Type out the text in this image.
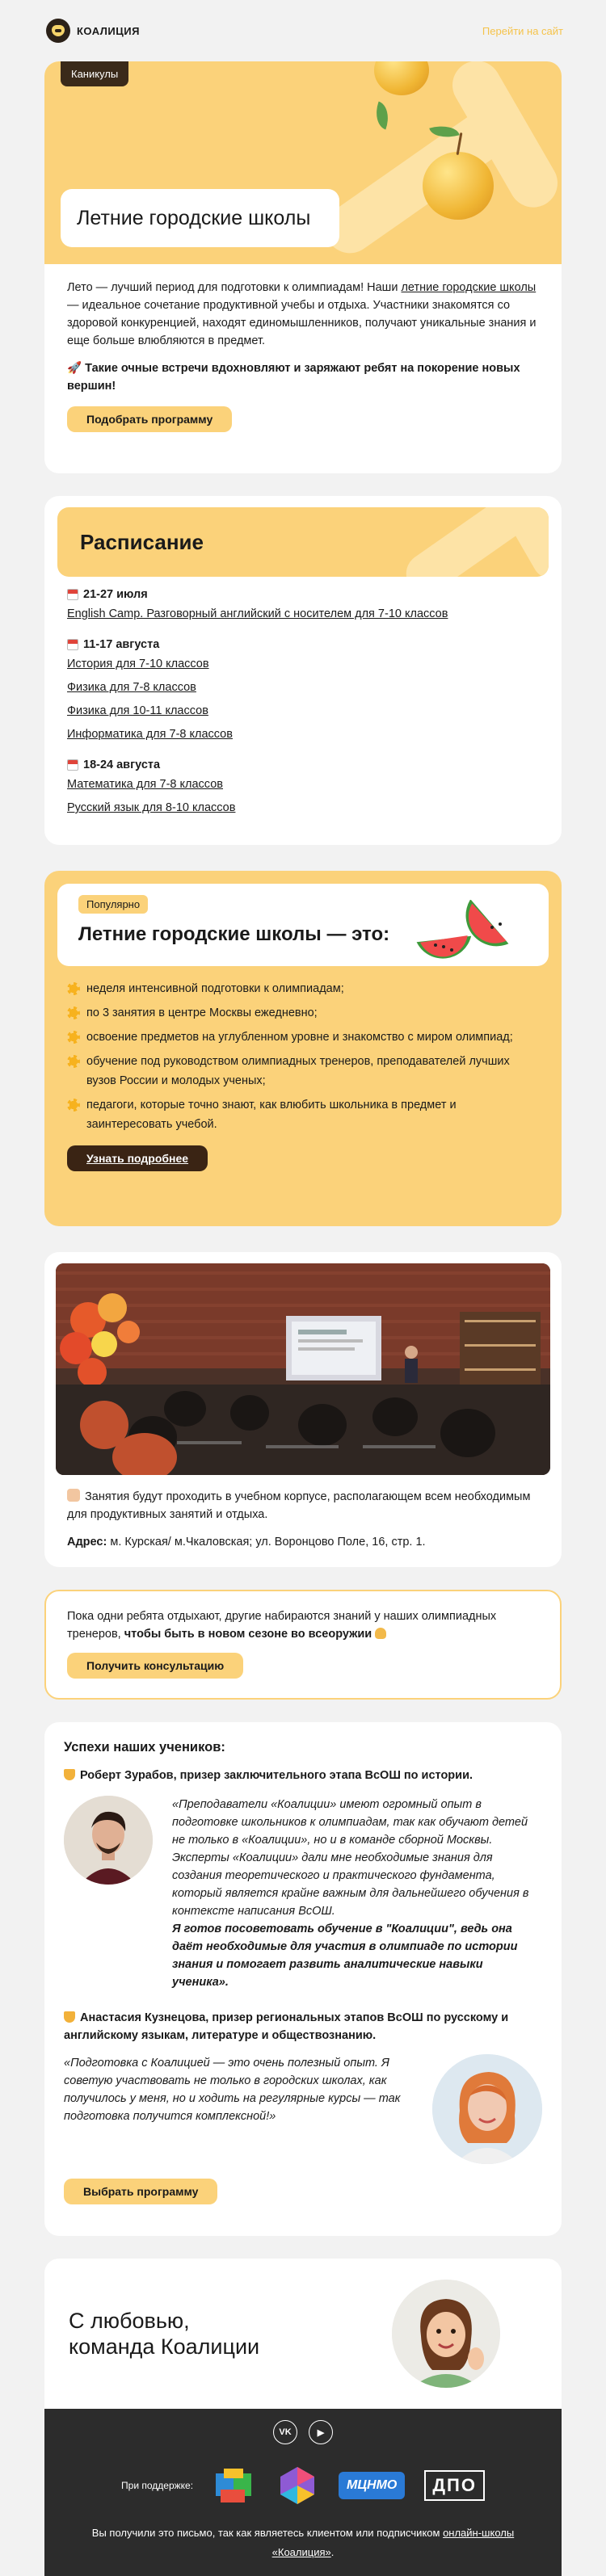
КОАЛИЦИЯ	Перейти на сайт
Каникулы
Летние городские школы

Лето — лучший период для подготовки к олимпиадам! Наши летние городские школы — идеальное сочетание продуктивной учебы и отдыха. Участники знакомятся со здоровой конкуренцией, находят единомышленников, получают уникальные знания и еще больше влюбляются в предмет.

🚀 Такие очные встречи вдохновляют и заряжают ребят на покорение новых вершин!

Подобрать программу
Расписание
21-27 июля
English Camp. Разговорный английский с носителем для 7-10 классов
11-17 августа
История для 7-10 классов
Физика для 7-8 классов
Физика для 10-11 классов
Информатика для 7-8 классов
18-24 августа
Математика для 7-8 классов
Русский язык для 8-10 классов
Популярно
Летние городские школы — это:
неделя интенсивной подготовки к олимпиадам;
по 3 занятия в центре Москвы ежедневно;
освоение предметов на углубленном уровне и знакомство с миром олимпиад;
обучение под руководством олимпиадных тренеров, преподавателей лучших вузов России и молодых ученых;
педагоги, которые точно знают, как влюбить школьника в предмет и заинтересовать учебой.
Узнать подробнее

Занятия будут проходить в учебном корпусе, располагающем всем необходимым для продуктивных занятий и отдыха.

Адрес: м. Курская/ м.Чкаловская; ул. Воронцово Поле, 16, стр. 1.

Пока одни ребята отдыхают, другие набираются знаний у наших олимпиадных тренеров, чтобы быть в новом сезоне во всеоружии

Получить консультацию
Успехи наших учеников:

Роберт Зурабов, призер заключительного этапа ВсОШ по истории.

«Преподаватели «Коалиции» имеют огромный опыт в подготовке школьников к олимпиадам, так как обучают детей не только в «Коалиции», но и в команде сборной Москвы. Эксперты «Коалиции» дали мне необходимые знания для создания теоретического и практического фундамента, который является крайне важным для дальнейшего обучения в контексте написания ВсОШ.

Я готов посоветовать обучение в "Коалиции", ведь она даёт необходимые для участия в олимпиаде по истории знания и помогает развить аналитические навыки ученика».

Анастасия Кузнецова, призер региональных этапов ВсОШ по русскому и английскому языкам, литературе и обществознанию.

«Подготовка с Коалицией — это очень полезный опыт. Я советую участвовать не только в городских школах, как получилось у меня, но и ходить на регулярные курсы — так подготовка получится комплексной!»

Выбрать программу
С любовью,
команда Коалиции
VK	▶
При поддержке:	МЦНМО	ДПО

Вы получили это письмо, так как являетесь клиентом или подписчиком онлайн-школы «Коалиция».
